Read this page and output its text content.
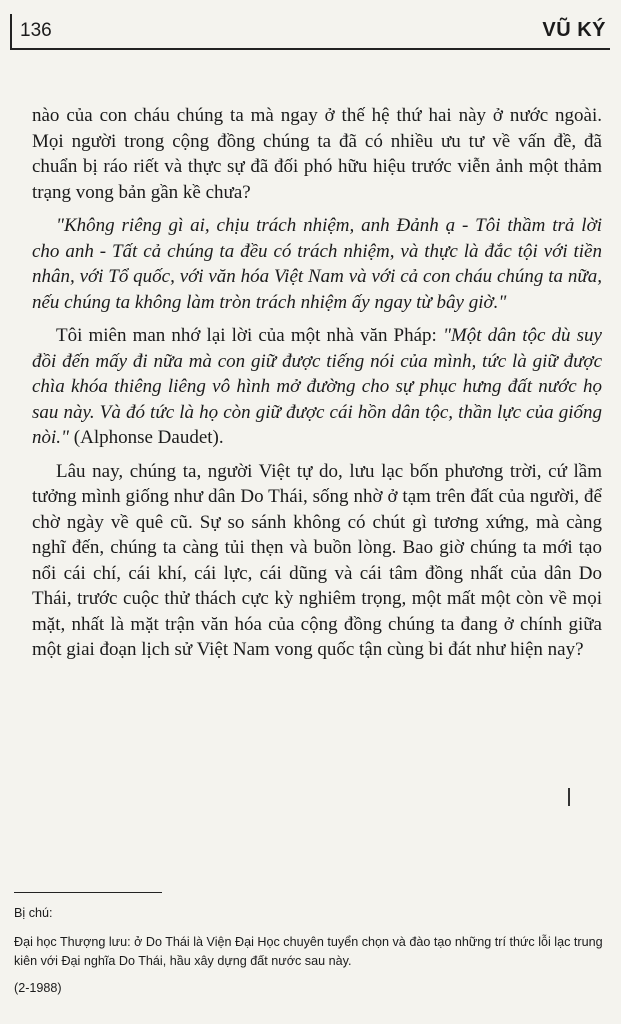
136	VŨ KÝ

nào của con cháu chúng ta mà ngay ở thế hệ thứ hai này ở nước ngoài. Mọi người trong cộng đồng chúng ta đã có nhiều ưu tư về vấn đề, đã chuẩn bị ráo riết và thực sự đã đối phó hữu hiệu trước viễn ảnh một thảm trạng vong bản gần kề chưa?

"Không riêng gì ai, chịu trách nhiệm, anh Đảnh ạ - Tôi thầm trả lời cho anh - Tất cả chúng ta đều có trách nhiệm, và thực là đắc tội với tiền nhân, với Tổ quốc, với văn hóa Việt Nam và với cả con cháu chúng ta nữa, nếu chúng ta không làm tròn trách nhiệm ấy ngay từ bây giờ."

Tôi miên man nhớ lại lời của một nhà văn Pháp: "Một dân tộc dù suy đồi đến mấy đi nữa mà con giữ được tiếng nói của mình, tức là giữ được chìa khóa thiêng liêng vô hình mở đường cho sự phục hưng đất nước họ sau này. Và đó tức là họ còn giữ được cái hồn dân tộc, thần lực của giống nòi." (Alphonse Daudet).

Lâu nay, chúng ta, người Việt tự do, lưu lạc bốn phương trời, cứ lầm tưởng mình giống như dân Do Thái, sống nhờ ở tạm trên đất của người, để chờ ngày về quê cũ. Sự so sánh không có chút gì tương xứng, mà càng nghĩ đến, chúng ta càng tủi thẹn và buồn lòng. Bao giờ chúng ta mới tạo nổi cái chí, cái khí, cái lực, cái dũng và cái tâm đồng nhất của dân Do Thái, trước cuộc thử thách cực kỳ nghiêm trọng, một mất một còn về mọi mặt, nhất là mặt trận văn hóa của cộng đồng chúng ta đang ở chính giữa một giai đoạn lịch sử Việt Nam vong quốc tận cùng bi đát như hiện nay?

Bị chú:
Đại học Thượng lưu: ở Do Thái là Viện Đại Học chuyên tuyển chọn và đào tạo những trí thức lỗi lạc trung kiên với Đại nghĩa Do Thái, hầu xây dựng đất nước sau này.
(2-1988)
